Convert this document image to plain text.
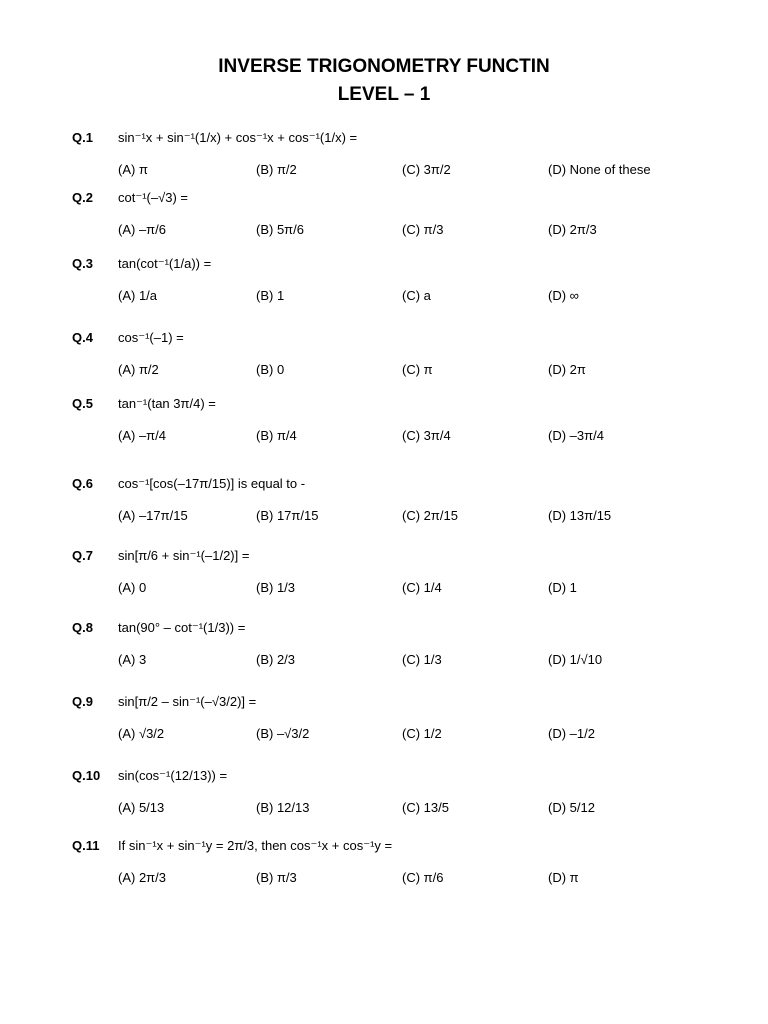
INVERSE TRIGONOMETRY FUNCTIN
LEVEL – 1
Q.1	sin⁻¹x + sin⁻¹(1/x) + cos⁻¹x + cos⁻¹(1/x) =
(A) π	(B) π/2	(C) 3π/2	(D) None of these
Q.2	cot⁻¹(–√3) =
(A) –π/6	(B) 5π/6	(C) π/3	(D) 2π/3
Q.3	tan(cot⁻¹(1/a)) =
(A) 1/a	(B) 1	(C) a	(D) ∞
Q.4	cos⁻¹(–1) =
(A) π/2	(B) 0	(C) π	(D) 2π
Q.5	tan⁻¹(tan 3π/4) =
(A) –π/4	(B) π/4	(C) 3π/4	(D) –3π/4
Q.6	cos⁻¹[cos(–17π/15)] is equal to -
(A) –17π/15	(B) 17π/15	(C) 2π/15	(D) 13π/15
Q.7	sin[π/6 + sin⁻¹(–1/2)] =
(A) 0	(B) 1/3	(C) 1/4	(D) 1
Q.8	tan(90° – cot⁻¹(1/3)) =
(A) 3	(B) 2/3	(C) 1/3	(D) 1/√10
Q.9	sin[π/2 – sin⁻¹(–√3/2)] =
(A) √3/2	(B) –√3/2	(C) 1/2	(D) –1/2
Q.10	sin(cos⁻¹(12/13)) =
(A) 5/13	(B) 12/13	(C) 13/5	(D) 5/12
Q.11	If sin⁻¹x + sin⁻¹y = 2π/3, then cos⁻¹x + cos⁻¹y =
(A) 2π/3	(B) π/3	(C) π/6	(D) π
